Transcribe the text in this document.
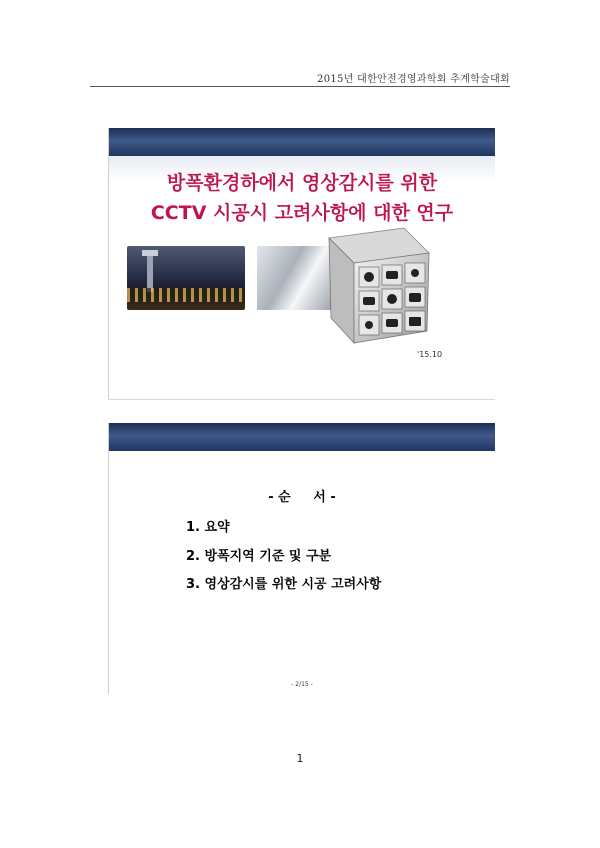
2015년 대한안전경영과학회 추계학술대회
방폭환경하에서 영상감시를 위한
CCTV 시공시 고려사항에 대한 연구
'15.10
- 순     서 -
1. 요약
2. 방폭지역 기준 및 구분
3. 영상감시를 위한 시공 고려사항
- 2/15 -
1
